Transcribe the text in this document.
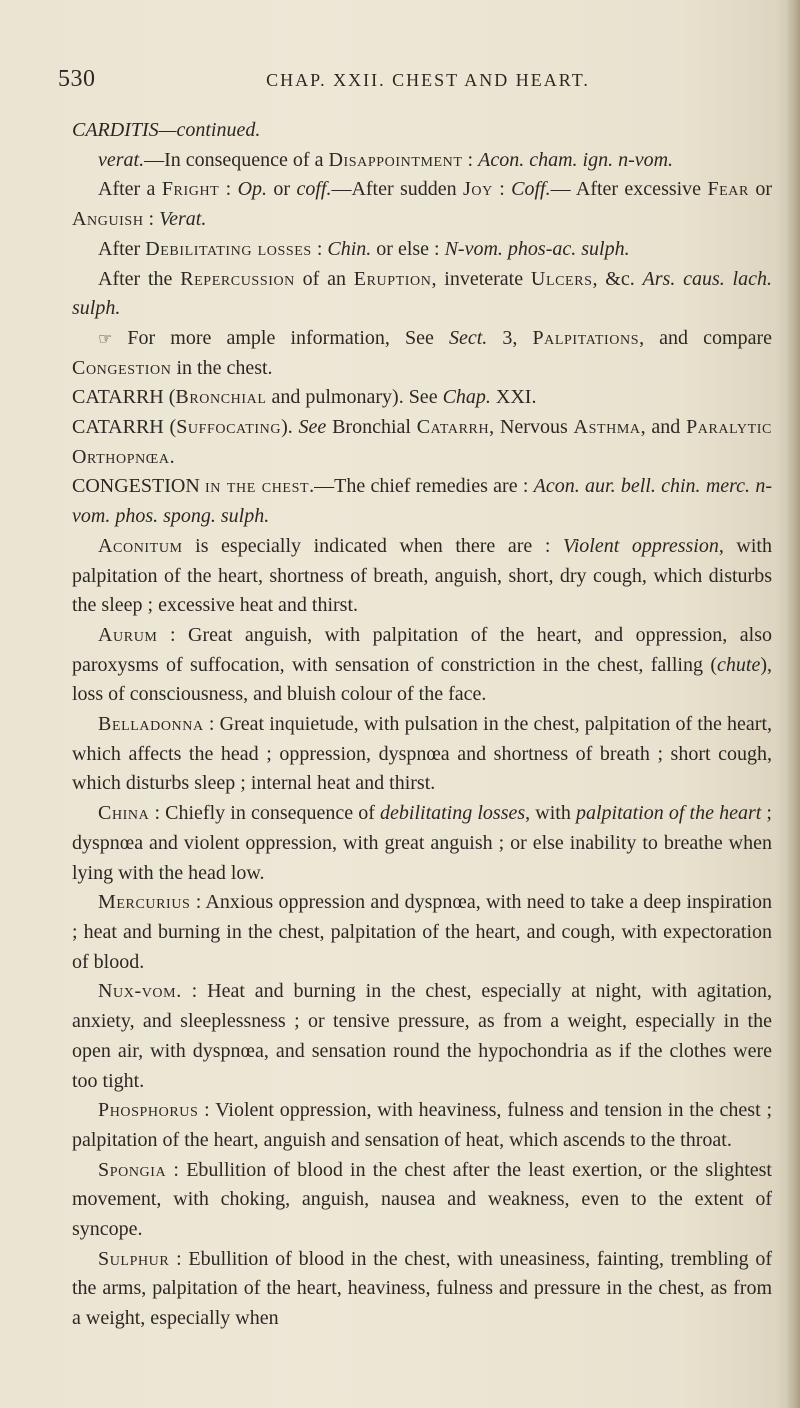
530	CHAP. XXII. CHEST AND HEART.

CARDITIS—continued.

verat.—In consequence of a Disappointment : Acon. cham. ign. n-vom.

After a Fright : Op. or coff.—After sudden Joy : Coff.— After excessive Fear or Anguish : Verat.

After Debilitating losses : Chin. or else : N-vom. phos-ac. sulph.

After the Repercussion of an Eruption, inveterate Ulcers, &c. Ars. caus. lach. sulph.

☞ For more ample information, See Sect. 3, Palpitations, and compare Congestion in the chest.

CATARRH (Bronchial and pulmonary). See Chap. XXI.

CATARRH (Suffocating). See Bronchial Catarrh, Nervous Asthma, and Paralytic Orthopnœa.

CONGESTION in the chest.—The chief remedies are : Acon. aur. bell. chin. merc. n-vom. phos. spong. sulph.

Aconitum is especially indicated when there are : Violent oppression, with palpitation of the heart, shortness of breath, anguish, short, dry cough, which disturbs the sleep ; excessive heat and thirst.

Aurum : Great anguish, with palpitation of the heart, and oppression, also paroxysms of suffocation, with sensation of constriction in the chest, falling (chute), loss of consciousness, and bluish colour of the face.

Belladonna : Great inquietude, with pulsation in the chest, palpitation of the heart, which affects the head ; oppression, dyspnœa and shortness of breath ; short cough, which disturbs sleep ; internal heat and thirst.

China : Chiefly in consequence of debilitating losses, with palpitation of the heart ; dyspnœa and violent oppression, with great anguish ; or else inability to breathe when lying with the head low.

Mercurius : Anxious oppression and dyspnœa, with need to take a deep inspiration ; heat and burning in the chest, palpitation of the heart, and cough, with expectoration of blood.

Nux-vom. : Heat and burning in the chest, especially at night, with agitation, anxiety, and sleeplessness ; or tensive pressure, as from a weight, especially in the open air, with dyspnœa, and sensation round the hypochondria as if the clothes were too tight.

Phosphorus : Violent oppression, with heaviness, fulness and tension in the chest ; palpitation of the heart, anguish and sensation of heat, which ascends to the throat.

Spongia : Ebullition of blood in the chest after the least exertion, or the slightest movement, with choking, anguish, nausea and weakness, even to the extent of syncope.

Sulphur : Ebullition of blood in the chest, with uneasiness, fainting, trembling of the arms, palpitation of the heart, heaviness, fulness and pressure in the chest, as from a weight, especially when
